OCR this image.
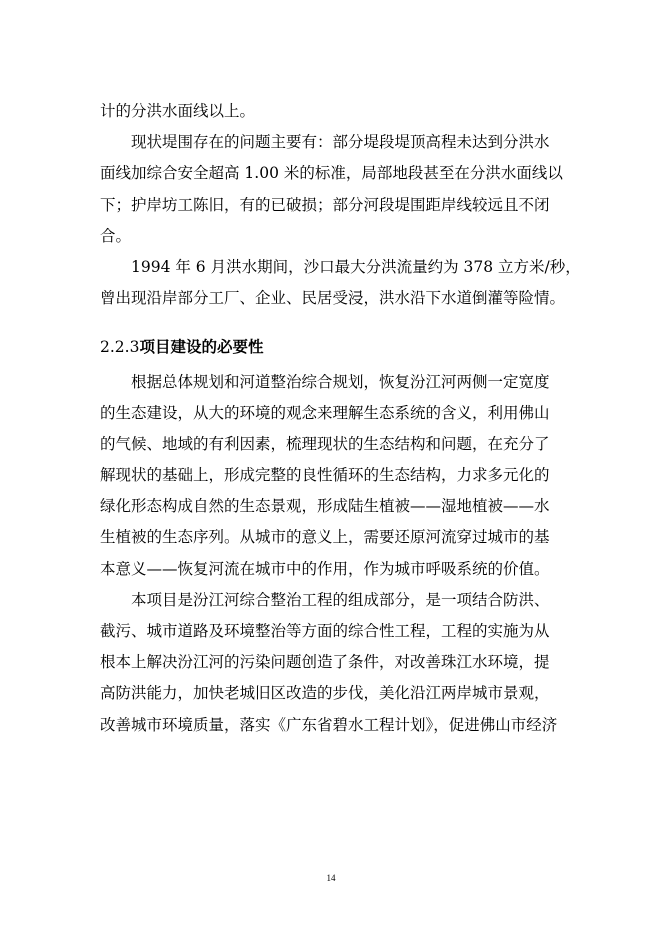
计的分洪水面线以上。
现状堤围存在的问题主要有：部分堤段堤顶高程未达到分洪水
面线加综合安全超高 1.00 米的标准，局部地段甚至在分洪水面线以
下；护岸坊工陈旧，有的已破损；部分河段堤围距岸线较远且不闭
合。
1994 年 6 月洪水期间，沙口最大分洪流量约为 378 立方米/秒，
曾出现沿岸部分工厂、企业、民居受浸，洪水沿下水道倒灌等险情。
2.2.3项目建设的必要性
根据总体规划和河道整治综合规划，恢复汾江河两侧一定宽度
的生态建设，从大的环境的观念来理解生态系统的含义，利用佛山
的气候、地域的有利因素，梳理现状的生态结构和问题，在充分了
解现状的基础上，形成完整的良性循环的生态结构，力求多元化的
绿化形态构成自然的生态景观，形成陆生植被——湿地植被——水
生植被的生态序列。从城市的意义上，需要还原河流穿过城市的基
本意义——恢复河流在城市中的作用，作为城市呼吸系统的价值。
本项目是汾江河综合整治工程的组成部分，是一项结合防洪、
截污、城市道路及环境整治等方面的综合性工程，工程的实施为从
根本上解决汾江河的污染问题创造了条件，对改善珠江水环境，提
高防洪能力，加快老城旧区改造的步伐，美化沿江两岸城市景观，
改善城市环境质量，落实《广东省碧水工程计划》，促进佛山市经济
14
